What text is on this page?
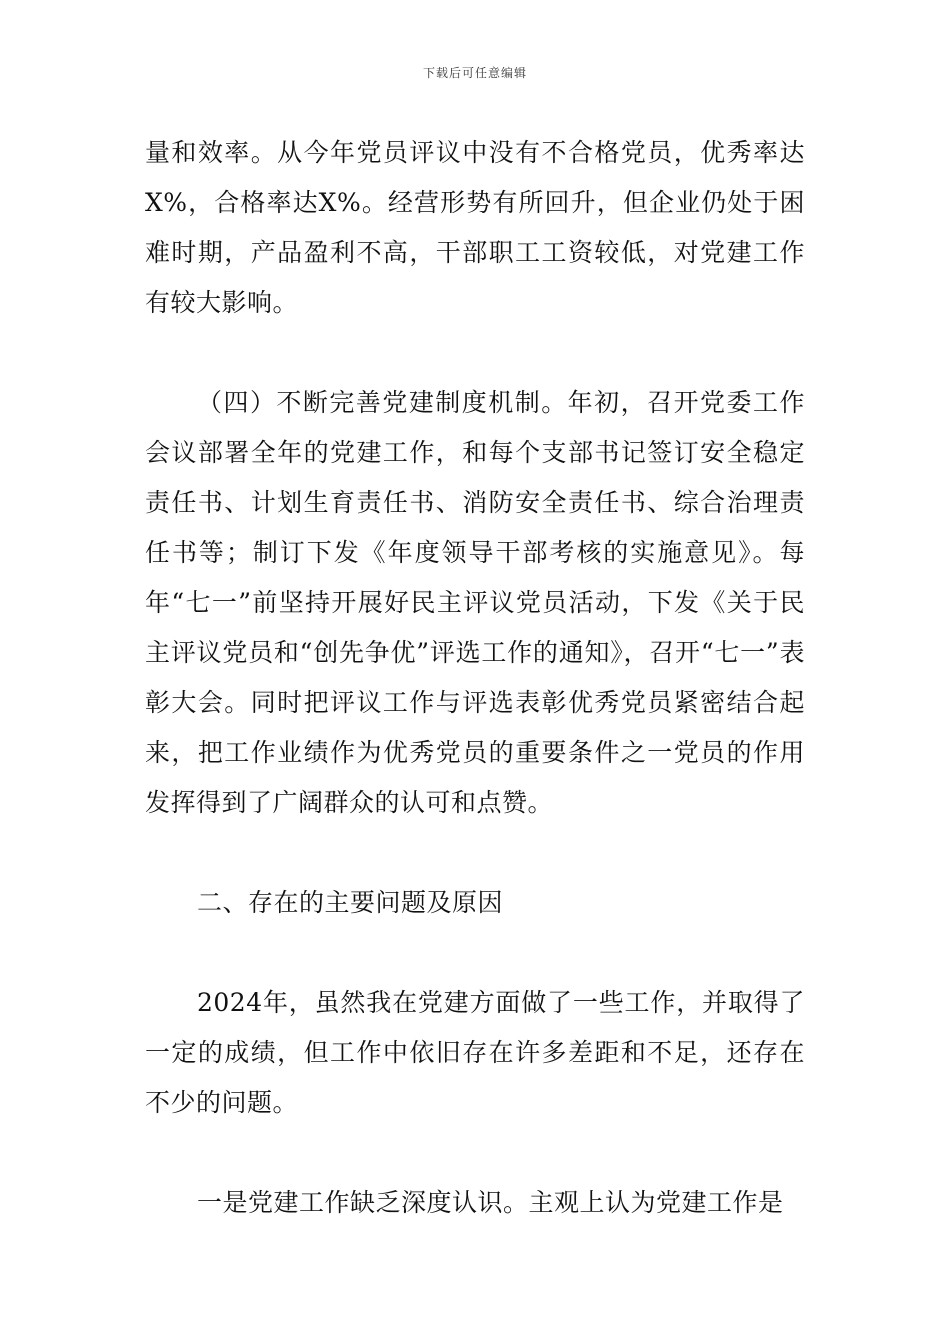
下载后可任意编辑

量和效率。从今年党员评议中没有不合格党员，优秀率达X%，合格率达X%。经营形势有所回升，但企业仍处于困难时期，产品盈利不高，干部职工工资较低，对党建工作有较大影响。

（四）不断完善党建制度机制。年初，召开党委工作会议部署全年的党建工作，和每个支部书记签订安全稳定责任书、计划生育责任书、消防安全责任书、综合治理责任书等；制订下发《年度领导干部考核的实施意见》。每年“七一”前坚持开展好民主评议党员活动，下发《关于民主评议党员和“创先争优”评选工作的通知》，召开“七一”表彰大会。同时把评议工作与评选表彰优秀党员紧密结合起来，把工作业绩作为优秀党员的重要条件之一党员的作用发挥得到了广阔群众的认可和点赞。

二、存在的主要问题及原因

2024年，虽然我在党建方面做了一些工作，并取得了一定的成绩，但工作中依旧存在许多差距和不足，还存在不少的问题。

一是党建工作缺乏深度认识。主观上认为党建工作是
